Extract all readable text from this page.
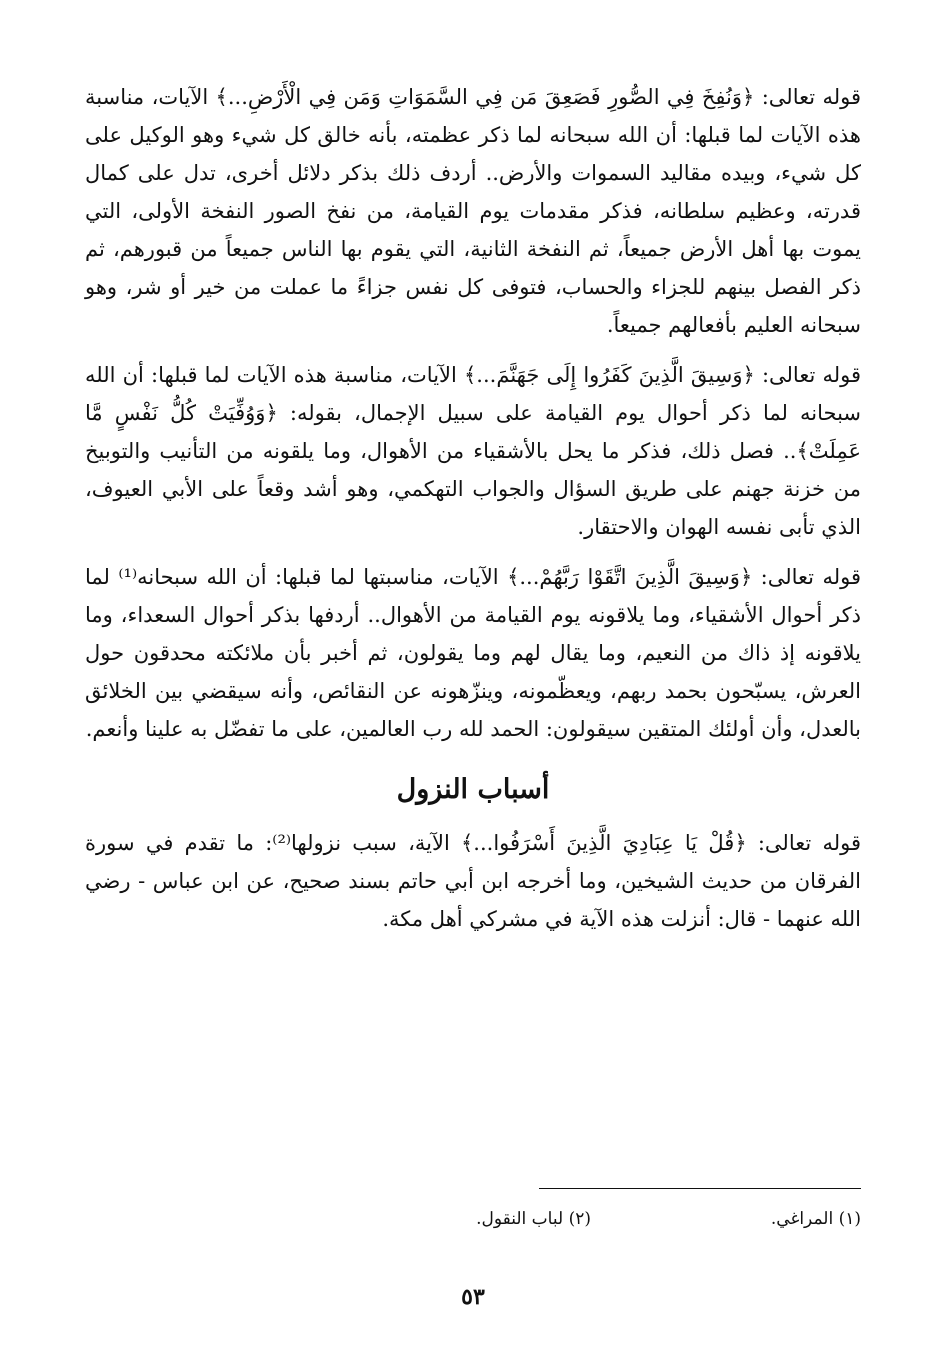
قوله تعالى: ﴿وَنُفِخَ فِي الصُّورِ فَصَعِقَ مَن فِي السَّمَوَاتِ وَمَن فِي الْأَرْضِ...﴾ الآيات، مناسبة هذه الآيات لما قبلها: أن الله سبحانه لما ذكر عظمته، بأنه خالق كل شيء وهو الوكيل على كل شيء، وبيده مقاليد السموات والأرض.. أردف ذلك بذكر دلائل أخرى، تدل على كمال قدرته، وعظيم سلطانه، فذكر مقدمات يوم القيامة، من نفخ الصور النفخة الأولى، التي يموت بها أهل الأرض جميعاً، ثم النفخة الثانية، التي يقوم بها الناس جميعاً من قبورهم، ثم ذكر الفصل بينهم للجزاء والحساب، فتوفى كل نفس جزاءً ما عملت من خير أو شر، وهو سبحانه العليم بأفعالهم جميعاً.

قوله تعالى: ﴿وَسِيقَ الَّذِينَ كَفَرُوا إِلَى جَهَنَّمَ...﴾ الآيات، مناسبة هذه الآيات لما قبلها: أن الله سبحانه لما ذكر أحوال يوم القيامة على سبيل الإجمال، بقوله: ﴿وَوُفِّيَتْ كُلُّ نَفْسٍ مَّا عَمِلَتْ﴾.. فصل ذلك، فذكر ما يحل بالأشقياء من الأهوال، وما يلقونه من التأنيب والتوبيخ من خزنة جهنم على طريق السؤال والجواب التهكمي، وهو أشد وقعاً على الأبي العيوف، الذي تأبى نفسه الهوان والاحتقار.

قوله تعالى: ﴿وَسِيقَ الَّذِينَ اتَّقَوْا رَبَّهُمْ...﴾ الآيات، مناسبتها لما قبلها: أن الله سبحانه⁽¹⁾ لما ذكر أحوال الأشقياء، وما يلاقونه يوم القيامة من الأهوال.. أردفها بذكر أحوال السعداء، وما يلاقونه إذ ذاك من النعيم، وما يقال لهم وما يقولون، ثم أخبر بأن ملائكته محدقون حول العرش، يسبّحون بحمد ربهم، ويعظّمونه، وينزّهونه عن النقائص، وأنه سيقضي بين الخلائق بالعدل، وأن أولئك المتقين سيقولون: الحمد لله رب العالمين، على ما تفضّل به علينا وأنعم.

أسباب النزول

قوله تعالى: ﴿قُلْ يَا عِبَادِيَ الَّذِينَ أَسْرَفُوا...﴾ الآية، سبب نزولها⁽²⁾: ما تقدم في سورة الفرقان من حديث الشيخين، وما أخرجه ابن أبي حاتم بسند صحيح، عن ابن عباس - رضي الله عنهما - قال: أنزلت هذه الآية في مشركي أهل مكة.

(١) المراغي.
(٢) لباب النقول.
٥٣
